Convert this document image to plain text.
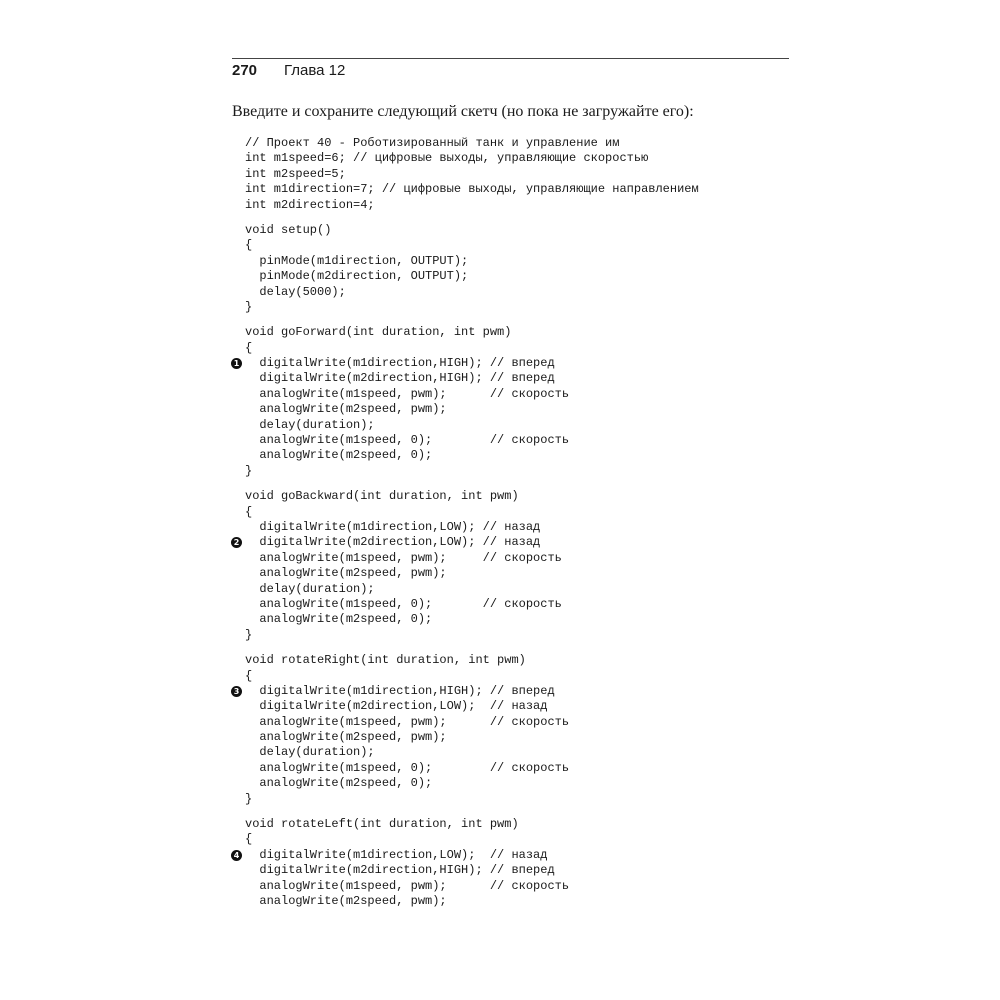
270 Глава 12
Введите и сохраните следующий скетч (но пока не загружайте его):
// Проект 40 - Роботизированный танк и управление им
int m1speed=6; // цифровые выходы, управляющие скоростью
int m2speed=5;
int m1direction=7; // цифровые выходы, управляющие направлением
int m2direction=4;
void setup()
{
pinMode(m1direction, OUTPUT);
pinMode(m2direction, OUTPUT);
delay(5000);
}
void goForward(int duration, int pwm)
{
1 digitalWrite(m1direction,HIGH); // вперед
digitalWrite(m2direction,HIGH); // вперед
analogWrite(m1speed, pwm);      // скорость
analogWrite(m2speed, pwm);
delay(duration);
analogWrite(m1speed, 0);        // скорость
analogWrite(m2speed, 0);
}
void goBackward(int duration, int pwm)
{
digitalWrite(m1direction,LOW); // назад
2 digitalWrite(m2direction,LOW); // назад
analogWrite(m1speed, pwm);     // скорость
analogWrite(m2speed, pwm);
delay(duration);
analogWrite(m1speed, 0);       // скорость
analogWrite(m2speed, 0);
}
void rotateRight(int duration, int pwm)
{
3 digitalWrite(m1direction,HIGH); // вперед
digitalWrite(m2direction,LOW);  // назад
analogWrite(m1speed, pwm);      // скорость
analogWrite(m2speed, pwm);
delay(duration);
analogWrite(m1speed, 0);        // скорость
analogWrite(m2speed, 0);
}
void rotateLeft(int duration, int pwm)
{
4 digitalWrite(m1direction,LOW);  // назад
digitalWrite(m2direction,HIGH); // вперед
analogWrite(m1speed, pwm);      // скорость
analogWrite(m2speed, pwm);
